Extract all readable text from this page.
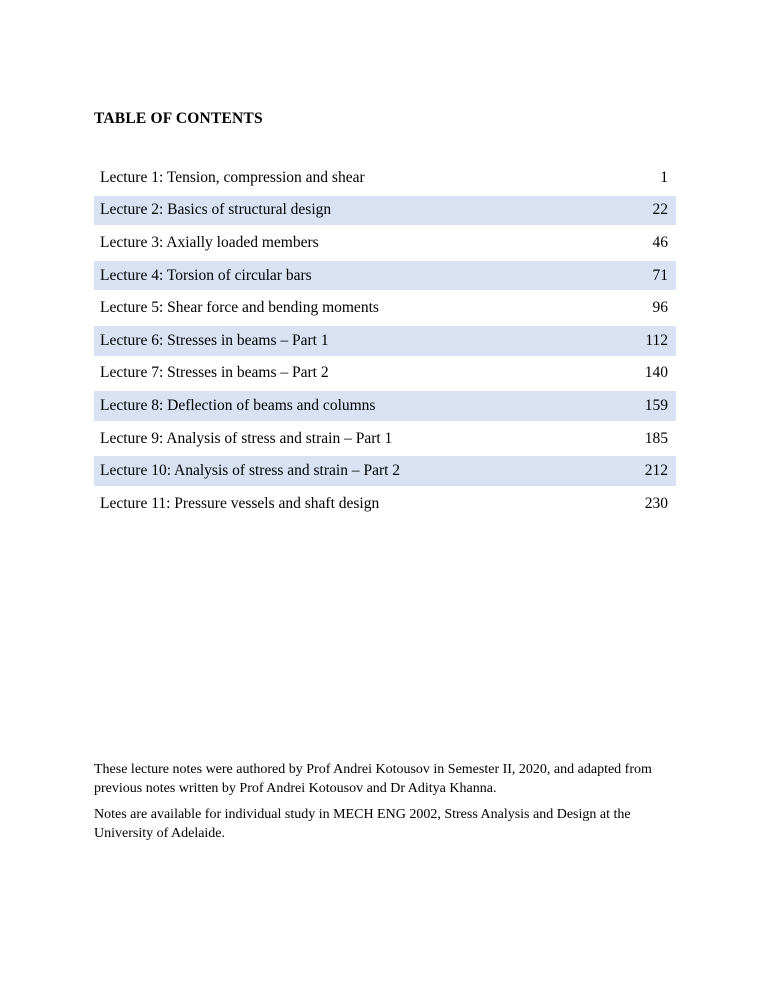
TABLE OF CONTENTS
Lecture 1: Tension, compression and shear	1
Lecture 2: Basics of structural design	22
Lecture 3: Axially loaded members	46
Lecture 4: Torsion of circular bars	71
Lecture 5: Shear force and bending moments	96
Lecture 6: Stresses in beams – Part 1	112
Lecture 7: Stresses in beams – Part 2	140
Lecture 8: Deflection of beams and columns	159
Lecture 9: Analysis of stress and strain – Part 1	185
Lecture 10: Analysis of stress and strain – Part 2	212
Lecture 11: Pressure vessels and shaft design	230
These lecture notes were authored by Prof Andrei Kotousov in Semester II, 2020, and adapted from
previous notes written by Prof Andrei Kotousov and Dr Aditya Khanna.
Notes are available for individual study in MECH ENG 2002, Stress Analysis and Design at the
University of Adelaide.
